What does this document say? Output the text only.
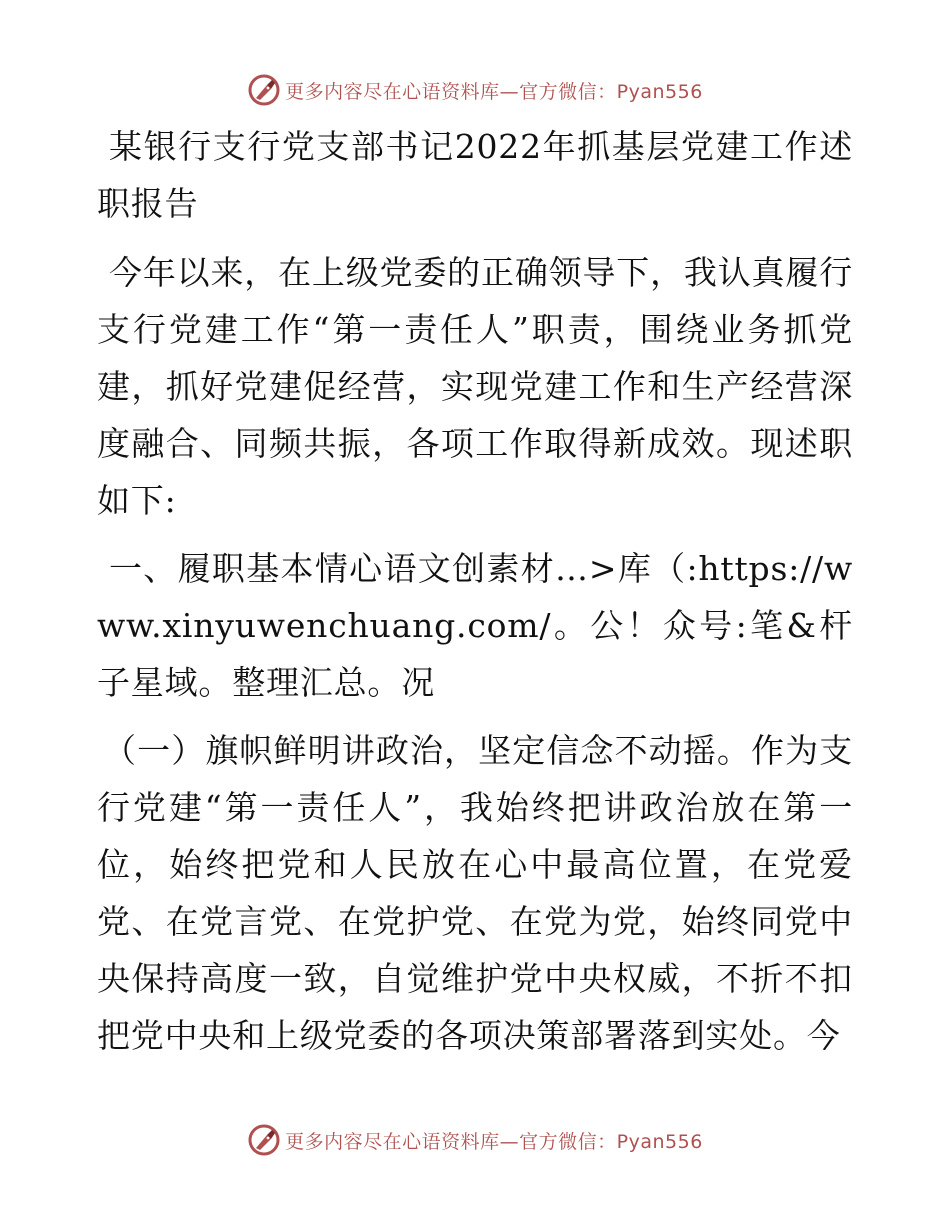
更多内容尽在心语资料库—官方微信：Pyan556

某银行支行党支部书记2022年抓基层党建工作述职报告

今年以来，在上级党委的正确领导下，我认真履行支行党建工作“第一责任人”职责，围绕业务抓党建，抓好党建促经营，实现党建工作和生产经营深度融合、同频共振，各项工作取得新成效。现述职如下:

一、履职基本情心语文创素材…>库（:https://www.xinyuwenchuang.com/。公！众号:笔&杆子星域。整理汇总。况

（一）旗帜鲜明讲政治，坚定信念不动摇。作为支行党建“第一责任人”，我始终把讲政治放在第一位，始终把党和人民放在心中最高位置，在党爱党、在党言党、在党护党、在党为党，始终同党中央保持高度一致，自觉维护党中央权威，不折不扣把党中央和上级党委的各项决策部署落到实处。今

更多内容尽在心语资料库—官方微信：Pyan556
